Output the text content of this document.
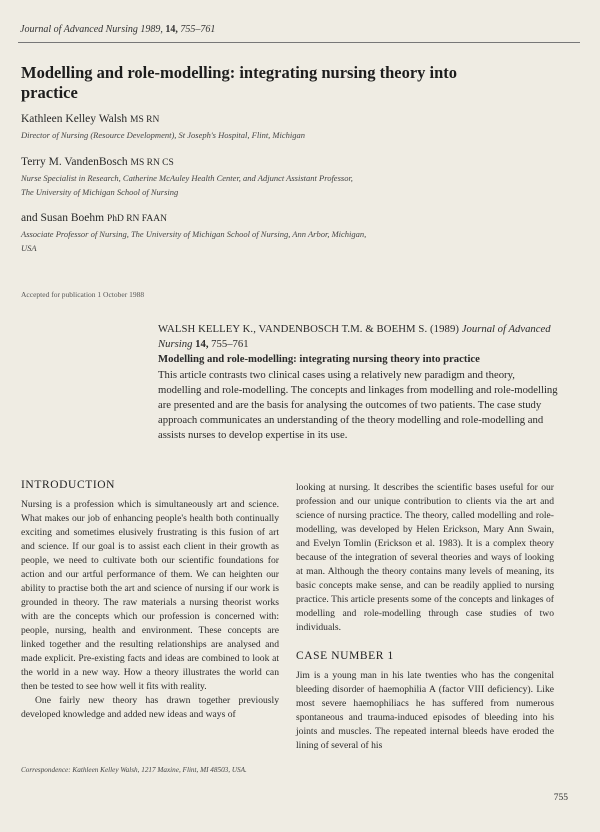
Journal of Advanced Nursing 1989, 14, 755–761
Modelling and role-modelling: integrating nursing theory into practice
Kathleen Kelley Walsh MS RN
Director of Nursing (Resource Development), St Joseph's Hospital, Flint, Michigan
Terry M. VandenBosch MS RN CS
Nurse Specialist in Research, Catherine McAuley Health Center, and Adjunct Assistant Professor, The University of Michigan School of Nursing
and Susan Boehm PhD RN FAAN
Associate Professor of Nursing, The University of Michigan School of Nursing, Ann Arbor, Michigan, USA
Accepted for publication 1 October 1988
WALSH KELLEY K., VANDENBOSCH T.M. & BOEHM S. (1989) Journal of Advanced Nursing 14, 755–761
Modelling and role-modelling: integrating nursing theory into practice
This article contrasts two clinical cases using a relatively new paradigm and theory, modelling and role-modelling. The concepts and linkages from modelling and role-modelling are presented and are the basis for analysing the outcomes of two patients. The case study approach communicates an understanding of the theory modelling and role-modelling and assists nurses to develop expertise in its use.
INTRODUCTION

Nursing is a profession which is simultaneously art and science. What makes our job of enhancing people's health both continually exciting and sometimes elusively frustrating is this fusion of art and science. If our goal is to assist each client in their growth as people, we need to cultivate both our scientific foundations for action and our artful performance of them. We can heighten our ability to practise both the art and science of nursing if our work is grounded in theory. The raw materials a nursing theorist works with are the concepts which our profession is concerned with: people, nursing, health and environment. These concepts are linked together and the resulting relationships are analysed and made explicit. Pre-existing facts and ideas are combined to look at the world in a new way. How a theory illustrates the world can then be tested to see how well it fits with reality.

One fairly new theory has drawn together previously developed knowledge and added new ideas and ways of

looking at nursing. It describes the scientific bases useful for our profession and our unique contribution to clients via the art and science of nursing practice. The theory, called modelling and role-modelling, was developed by Helen Erickson, Mary Ann Swain, and Evelyn Tomlin (Erickson et al. 1983). It is a complex theory because of the integration of several theories and ways of looking at man. Although the theory contains many levels of meaning, its basic concepts make sense, and can be readily applied to nursing practice. This article presents some of the concepts and linkages of modelling and role-modelling through case studies of two individuals.

CASE NUMBER 1

Jim is a young man in his late twenties who has the congenital bleeding disorder of haemophilia A (factor VIII deficiency). Like most severe haemophiliacs he has suffered from numerous spontaneous and trauma-induced episodes of bleeding into his joints and muscles. The repeated internal bleeds have eroded the lining of several of his

Correspondence: Kathleen Kelley Walsh, 1217 Maxine, Flint, MI 48503, USA.
755
